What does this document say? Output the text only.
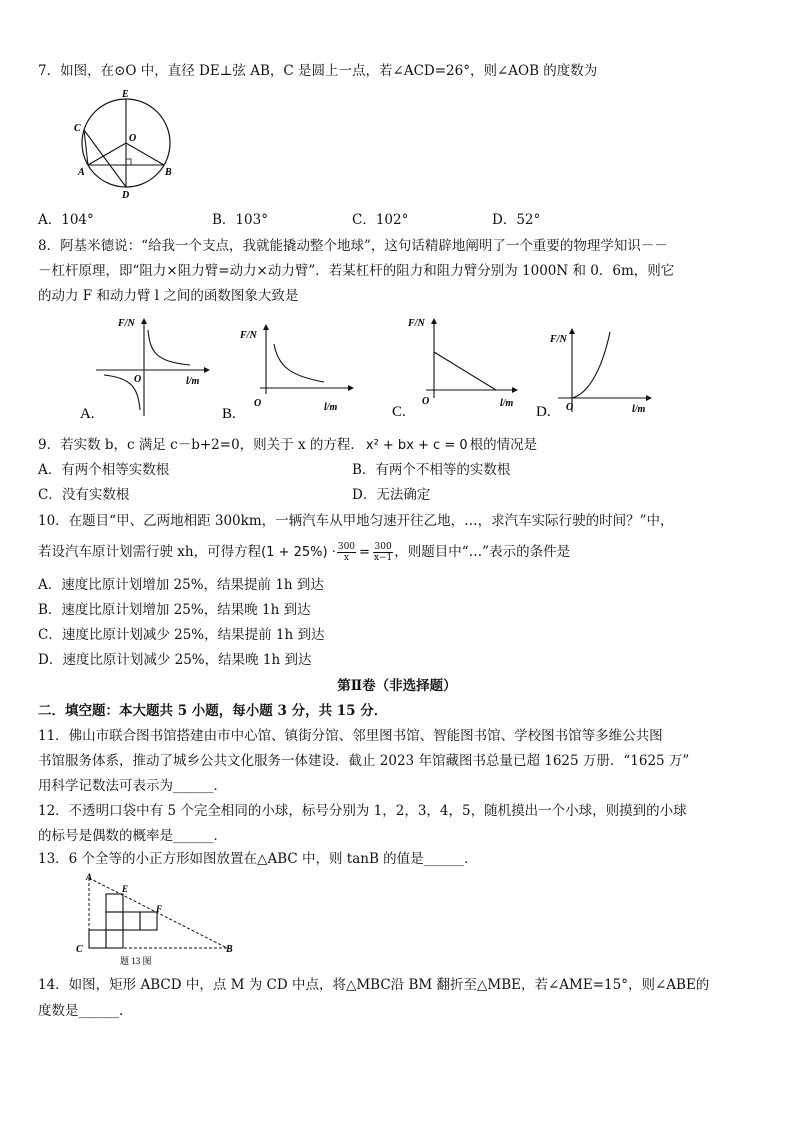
7．如图，在⊙O 中，直径 DE⊥弦 AB，C 是圆上一点，若∠ACD=26°，则∠AOB 的度数为
E
C
O
A	B
D
A．104°	B．103°	C．102°	D．52°
8．阿基米德说：“给我一个支点，我就能撬动整个地球”，这句话精辟地阐明了一个重要的物理学知识－－
－杠杆原理，即“阻力×阻力臂=动力×动力臂”．若某杠杆的阻力和阻力臂分别为 1000N 和 0．6m，则它
的动力 F 和动力臂 l 之间的函数图象大致是
F/N
O	l/m
A.
F/N
O	l/m
B.
F/N
O	l/m
C.
F/N
O	l/m
D.
9．若实数 b，c 满足 c－b+2=0，则关于 x 的方程． x² + bx + c = 0 根的情况是
A．有两个相等实数根	B．有两个不相等的实数根
C．没有实数根	D．无法确定
10．在题目“甲、乙两地相距 300km，一辆汽车从甲地匀速开往乙地，…，求汽车实际行驶的时间？”中，
若设汽车原计划需行驶 xh，可得方程$(1 + 25\%) \cdot \frac{300}{x} = \frac{300}{x-1}$ ，则题目中“…”表示的条件是
A．速度比原计划增加 25%，结果提前 1h 到达
B．速度比原计划增加 25%，结果晚 1h 到达
C．速度比原计划减少 25%，结果提前 1h 到达
D．速度比原计划减少 25%，结果晚 1h 到达
第Ⅱ卷（非选择题）
二．填空题：本大题共 5 小题，每小题 3 分，共 15 分．
11．佛山市联合图书馆搭建由市中心馆、镇街分馆、邻里图书馆、智能图书馆、学校图书馆等多维公共图
书馆服务体系，推动了城乡公共文化服务一体建设．截止 2023 年馆藏图书总量已超 1625 万册．“1625 万”
用科学记数法可表示为______．
12．不透明口袋中有 5 个完全相同的小球，标号分别为 1，2，3，4，5，随机摸出一个小球，则摸到的小球
的标号是偶数的概率是______．
13．6 个全等的小正方形如图放置在△ABC 中，则 tanB 的值是______．
A
E
F
C	B
题 13 图
14．如图，矩形 ABCD 中，点 M 为 CD 中点，将△MBC沿 BM 翻折至△MBE，若∠AME=15°，则∠ABE的
度数是______.
